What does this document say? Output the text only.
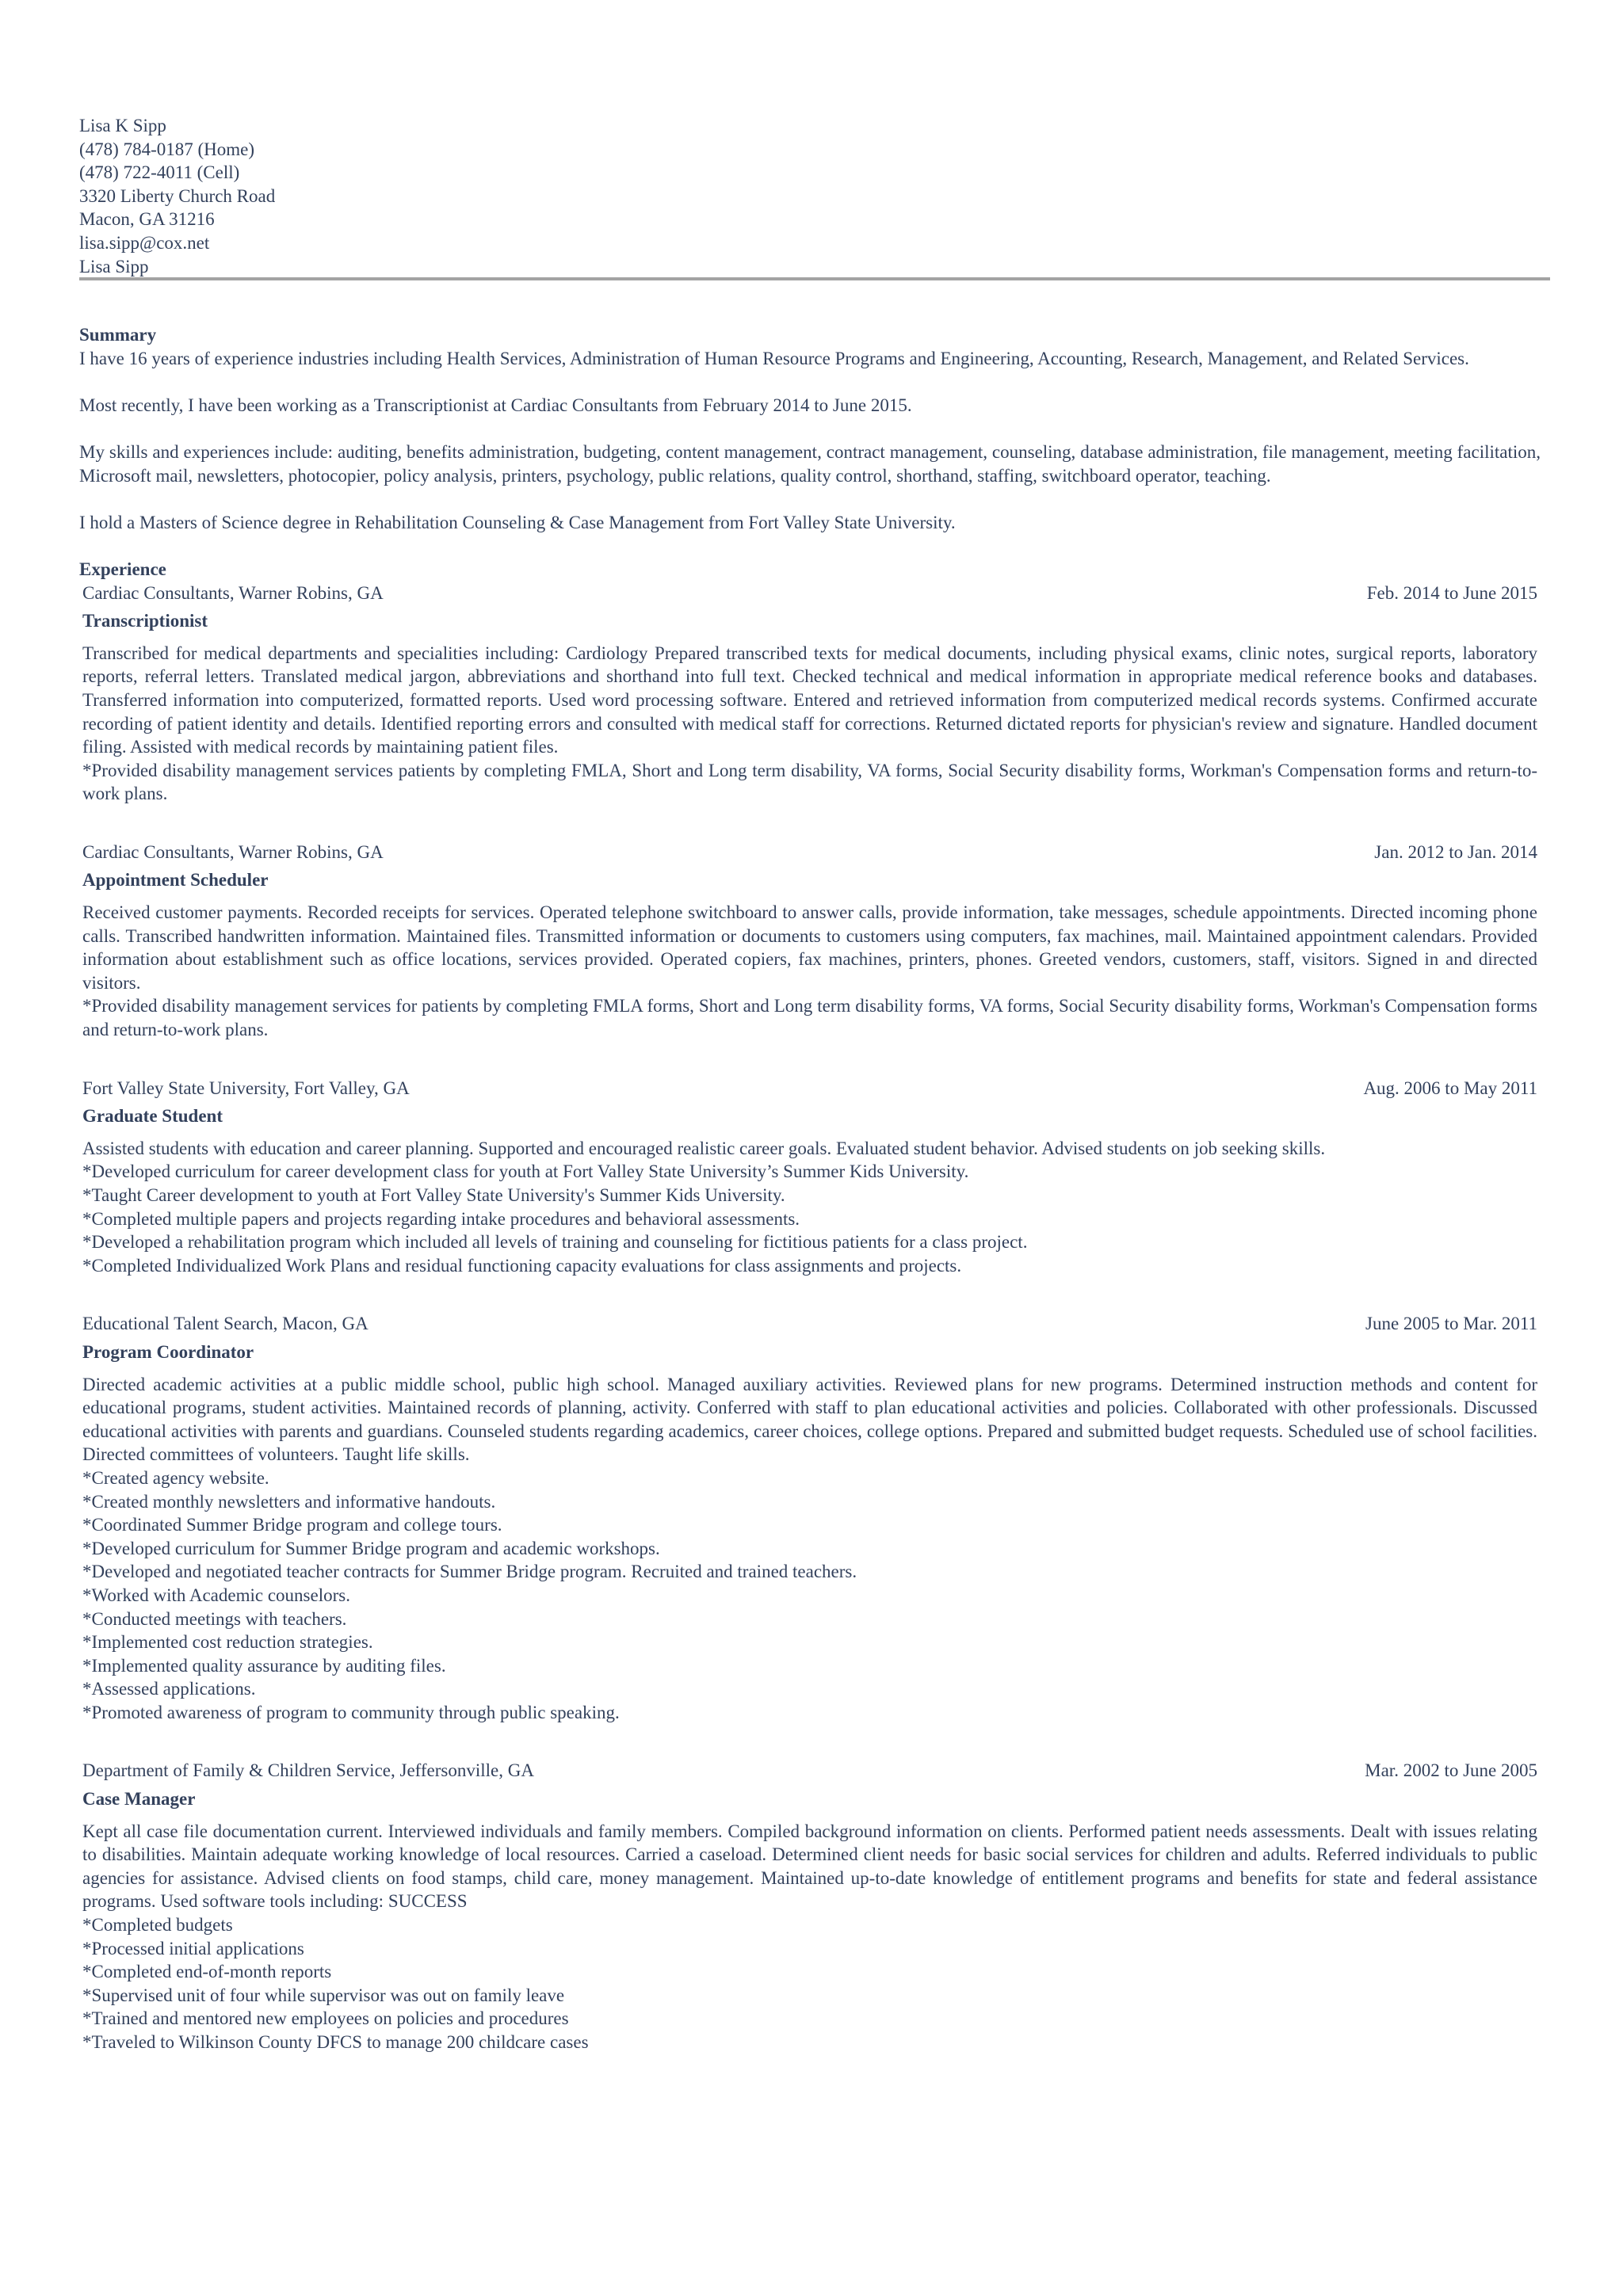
Lisa K Sipp
(478) 784-0187 (Home)
(478) 722-4011 (Cell)
3320 Liberty Church Road
Macon, GA 31216
lisa.sipp@cox.net
Lisa Sipp
Summary

I have 16 years of experience industries including Health Services, Administration of Human Resource Programs and Engineering, Accounting, Research, Management, and Related Services.

Most recently, I have been working as a Transcriptionist at Cardiac Consultants from February 2014 to June 2015.

My skills and experiences include: auditing, benefits administration, budgeting, content management, contract management, counseling, database administration, file management, meeting facilitation, Microsoft mail, newsletters, photocopier, policy analysis, printers, psychology, public relations, quality control, shorthand, staffing, switchboard operator, teaching.

I hold a Masters of Science degree in Rehabilitation Counseling & Case Management from Fort Valley State University.

Experience
Cardiac Consultants, Warner Robins, GA	Feb. 2014 to June 2015
Transcriptionist
Transcribed for medical departments and specialities including: Cardiology Prepared transcribed texts for medical documents, including physical exams, clinic notes, surgical reports, laboratory reports, referral letters. Translated medical jargon, abbreviations and shorthand into full text. Checked technical and medical information in appropriate medical reference books and databases. Transferred information into computerized, formatted reports. Used word processing software. Entered and retrieved information from computerized medical records systems. Confirmed accurate recording of patient identity and details. Identified reporting errors and consulted with medical staff for corrections. Returned dictated reports for physician's review and signature. Handled document filing. Assisted with medical records by maintaining patient files.
*Provided disability management services patients by completing FMLA, Short and Long term disability, VA forms, Social Security disability forms, Workman's Compensation forms and return-to-work plans.
Cardiac Consultants, Warner Robins, GA	Jan. 2012 to Jan. 2014
Appointment Scheduler
Received customer payments. Recorded receipts for services. Operated telephone switchboard to answer calls, provide information, take messages, schedule appointments. Directed incoming phone calls. Transcribed handwritten information. Maintained files. Transmitted information or documents to customers using computers, fax machines, mail. Maintained appointment calendars. Provided information about establishment such as office locations, services provided. Operated copiers, fax machines, printers, phones. Greeted vendors, customers, staff, visitors. Signed in and directed visitors.
*Provided disability management services for patients by completing FMLA forms, Short and Long term disability forms, VA forms, Social Security disability forms, Workman's Compensation forms and return-to-work plans.
Fort Valley State University, Fort Valley, GA	Aug. 2006 to May 2011
Graduate Student
Assisted students with education and career planning. Supported and encouraged realistic career goals. Evaluated student behavior. Advised students on job seeking skills.
*Developed curriculum for career development class for youth at Fort Valley State University’s Summer Kids University.
*Taught Career development to youth at Fort Valley State University's Summer Kids University.
*Completed multiple papers and projects regarding intake procedures and behavioral assessments.
*Developed a rehabilitation program which included all levels of training and counseling for fictitious patients for a class project.
*Completed Individualized Work Plans and residual functioning capacity evaluations for class assignments and projects.
Educational Talent Search, Macon, GA	June 2005 to Mar. 2011
Program Coordinator
Directed academic activities at a public middle school, public high school. Managed auxiliary activities. Reviewed plans for new programs. Determined instruction methods and content for educational programs, student activities. Maintained records of planning, activity. Conferred with staff to plan educational activities and policies. Collaborated with other professionals. Discussed educational activities with parents and guardians. Counseled students regarding academics, career choices, college options. Prepared and submitted budget requests. Scheduled use of school facilities. Directed committees of volunteers. Taught life skills.
*Created agency website.
*Created monthly newsletters and informative handouts.
*Coordinated Summer Bridge program and college tours.
*Developed curriculum for Summer Bridge program and academic workshops.
*Developed and negotiated teacher contracts for Summer Bridge program. Recruited and trained teachers.
*Worked with Academic counselors.
*Conducted meetings with teachers.
*Implemented cost reduction strategies.
*Implemented quality assurance by auditing files.
*Assessed applications.
*Promoted awareness of program to community through public speaking.
Department of Family & Children Service, Jeffersonville, GA	Mar. 2002 to June 2005
Case Manager
Kept all case file documentation current. Interviewed individuals and family members. Compiled background information on clients. Performed patient needs assessments. Dealt with issues relating to disabilities. Maintain adequate working knowledge of local resources. Carried a caseload. Determined client needs for basic social services for children and adults. Referred individuals to public agencies for assistance. Advised clients on food stamps, child care, money management. Maintained up-to-date knowledge of entitlement programs and benefits for state and federal assistance programs. Used software tools including: SUCCESS
*Completed budgets
*Processed initial applications
*Completed end-of-month reports
*Supervised unit of four while supervisor was out on family leave
*Trained and mentored new employees on policies and procedures
*Traveled to Wilkinson County DFCS to manage 200 childcare cases
